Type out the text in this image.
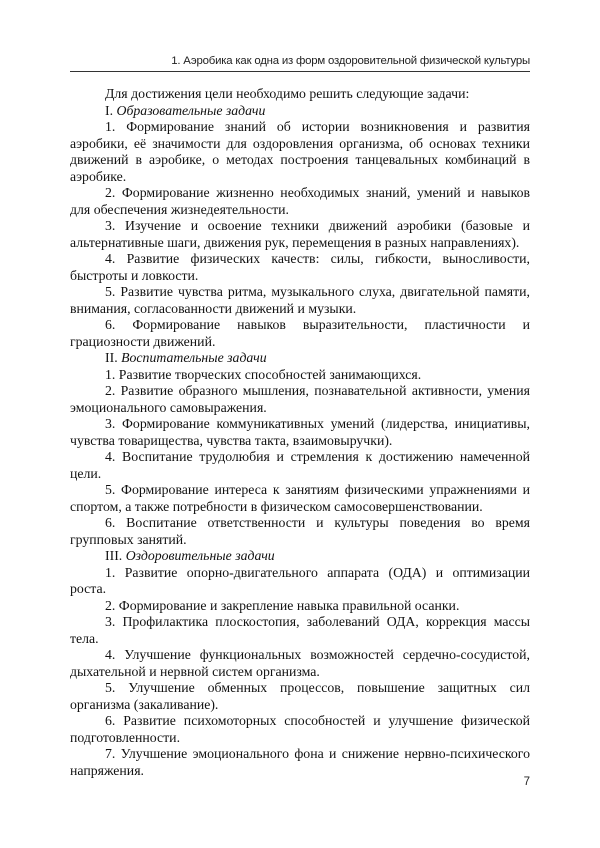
1. Аэробика как одна из форм оздоровительной физической культуры

Для достижения цели необходимо решить следующие задачи:

I. Образовательные задачи

1. Формирование знаний об истории возникновения и развития аэробики, её значимости для оздоровления организма, об основах техники движений в аэробике, о методах построения танцевальных комбинаций в аэробике.

2. Формирование жизненно необходимых знаний, умений и навыков для обеспечения жизнедеятельности.

3. Изучение и освоение техники движений аэробики (базовые и альтернативные шаги, движения рук, перемещения в разных направлениях).

4. Развитие физических качеств: силы, гибкости, выносливости, быстроты и ловкости.

5. Развитие чувства ритма, музыкального слуха, двигательной памяти, внимания, согласованности движений и музыки.

6. Формирование навыков выразительности, пластичности и грациозности движений.

II. Воспитательные задачи

1. Развитие творческих способностей занимающихся.

2. Развитие образного мышления, познавательной активности, умения эмоционального самовыражения.

3. Формирование коммуникативных умений (лидерства, инициативы, чувства товарищества, чувства такта, взаимовыручки).

4. Воспитание трудолюбия и стремления к достижению намеченной цели.

5. Формирование интереса к занятиям физическими упражнениями и спортом, а также потребности в физическом самосовершенствовании.

6. Воспитание ответственности и культуры поведения во время групповых занятий.

III. Оздоровительные задачи

1. Развитие опорно-двигательного аппарата (ОДА) и оптимизации роста.

2. Формирование и закрепление навыка правильной осанки.

3. Профилактика плоскостопия, заболеваний ОДА, коррекция массы тела.

4. Улучшение функциональных возможностей сердечно-сосудистой, дыхательной и нервной систем организма.

5. Улучшение обменных процессов, повышение защитных сил организма (закаливание).

6. Развитие психомоторных способностей и улучшение физической подготовленности.

7. Улучшение эмоционального фона и снижение нервно-психического напряжения.

7
